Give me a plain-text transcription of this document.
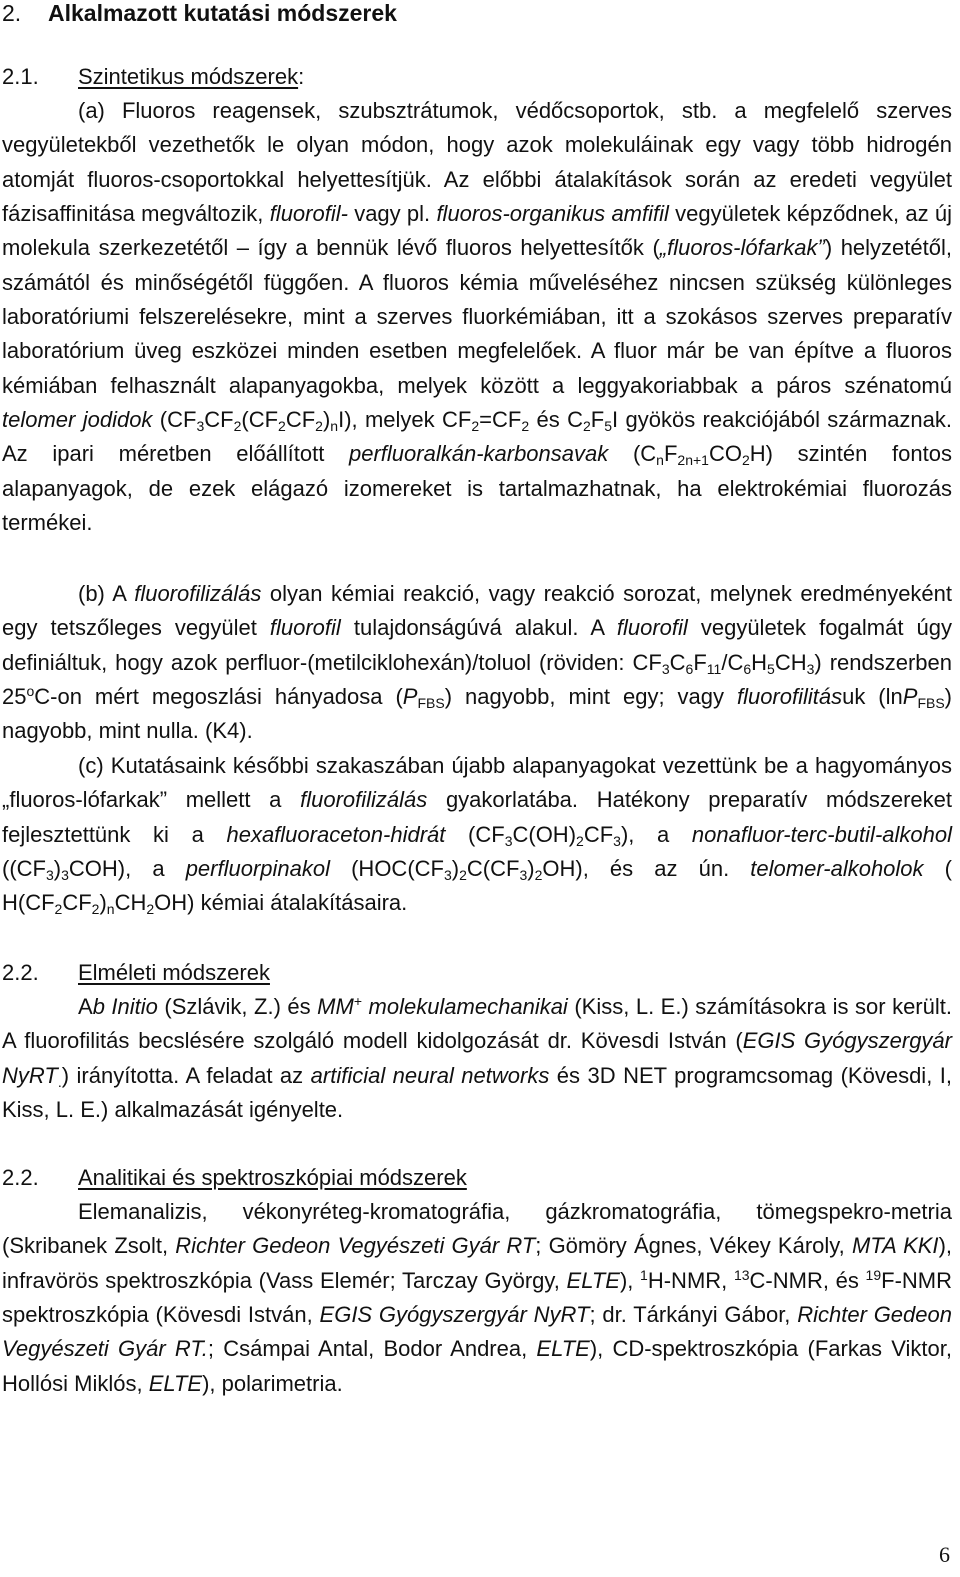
2. Alkalmazott kutatási módszerek
2.1. Szintetikus módszerek:

(a) Fluoros reagensek, szubsztrátumok, védőcsoportok, stb. a megfelelő szerves vegyületekből vezethetők le olyan módon, hogy azok molekuláinak egy vagy több hidrogén atomját fluoros-csoportokkal helyettesítjük. Az előbbi átalakítások során az eredeti vegyület fázisaffinitása megváltozik, fluorofil- vagy pl. fluoros-organikus amfifil vegyületek képződnek, az új molekula szerkezetétől – így a bennük lévő fluoros helyettesítők („fluoros-lófarkak”) helyzetétől, számától és minőségétől függően. A fluoros kémia műveléséhez nincsen szükség különleges laboratóriumi felszerelésekre, mint a szerves fluorkémiában, itt a szokásos szerves preparatív laboratórium üveg eszközei minden esetben megfelelőek. A fluor már be van építve a fluoros kémiában felhasznált alapanyagokba, melyek között a leggyakoriabbak a páros szénatomú telomer jodidok $(CF_3CF_2(CF_2CF_2)_nI)$, melyek $CF_2=CF_2$ és $C_2F_5I$ gyökös reakciójából származnak. Az ipari méretben előállított perfluoralkán-karbonsavak $(C_nF_{2n+1}CO_2H)$ szintén fontos alapanyagok, de ezek elágazó izomereket is tartalmazhatnak, ha elektrokémiai fluorozás termékei.

(b) A fluorofilizálás olyan kémiai reakció, vagy reakció sorozat, melynek eredményeként egy tetszőleges vegyület fluorofil tulajdonságúvá alakul. A fluorofil vegyületek fogalmát úgy definiáltuk, hogy azok perfluor-(metilciklohexán)/toluol (röviden: $CF_3C_6F_{11}/C_6H_5CH_3$) rendszerben 25$^o$C-on mért megoszlási hányadosa $(P_{FBS})$ nagyobb, mint egy; vagy fluorofilitásuk (lnP$_{FBS}$) nagyobb, mint nulla. (K4).

(c) Kutatásaink későbbi szakaszában újabb alapanyagokat vezettünk be a hagyományos „fluoros-lófarkak” mellett a fluorofilizálás gyakorlatába. Hatékony preparatív módszereket fejlesztettünk ki a hexafluoraceton-hidrát $(CF_3C(OH)_2CF_3)$, a nonafluor-terc-butil-alkohol $((CF_3)_3COH)$, a perfluorpinakol $(HOC(CF_3)_2C(CF_3)_2OH)$, és az ún. telomer-alkoholok ( $H(CF_2CF_2)_nCH_2OH$) kémiai átalakításaira.

2.2. Elméleti módszerek

Ab Initio (Szlávik, Z.) és MM+ molekulamechanikai (Kiss, L. E.) számításokra is sor került. A fluorofilitás becslésére szolgáló modell kidolgozását dr. Kövesdi István (EGIS Gyógyszergyár NyRT$_.$) irányította. A feladat az artificial neural networks és 3D NET programcsomag (Kövesdi, I, Kiss, L. E.) alkalmazását igényelte.

2.2. Analitikai és spektroszkópiai módszerek

Elemanalizis, vékonyréteg-kromatográfia, gázkromatográfia, tömegspekro-metria (Skribanek Zsolt, Richter Gedeon Vegyészeti Gyár RT; Gömöry Ágnes, Vékey Károly, MTA KKI), infravörös spektroszkópia (Vass Elemér; Tarczay György, ELTE), $^1$H-NMR, $^{13}$C-NMR, és $^{19}$F-NMR spektroszkópia (Kövesdi István, EGIS Gyógyszergyár NyRT; dr. Tárkányi Gábor, Richter Gedeon Vegyészeti Gyár RT.; Csámpai Antal, Bodor Andrea, ELTE), CD-spektroszkópia (Farkas Viktor, Hollósi Miklós, ELTE), polarimetria.

6
